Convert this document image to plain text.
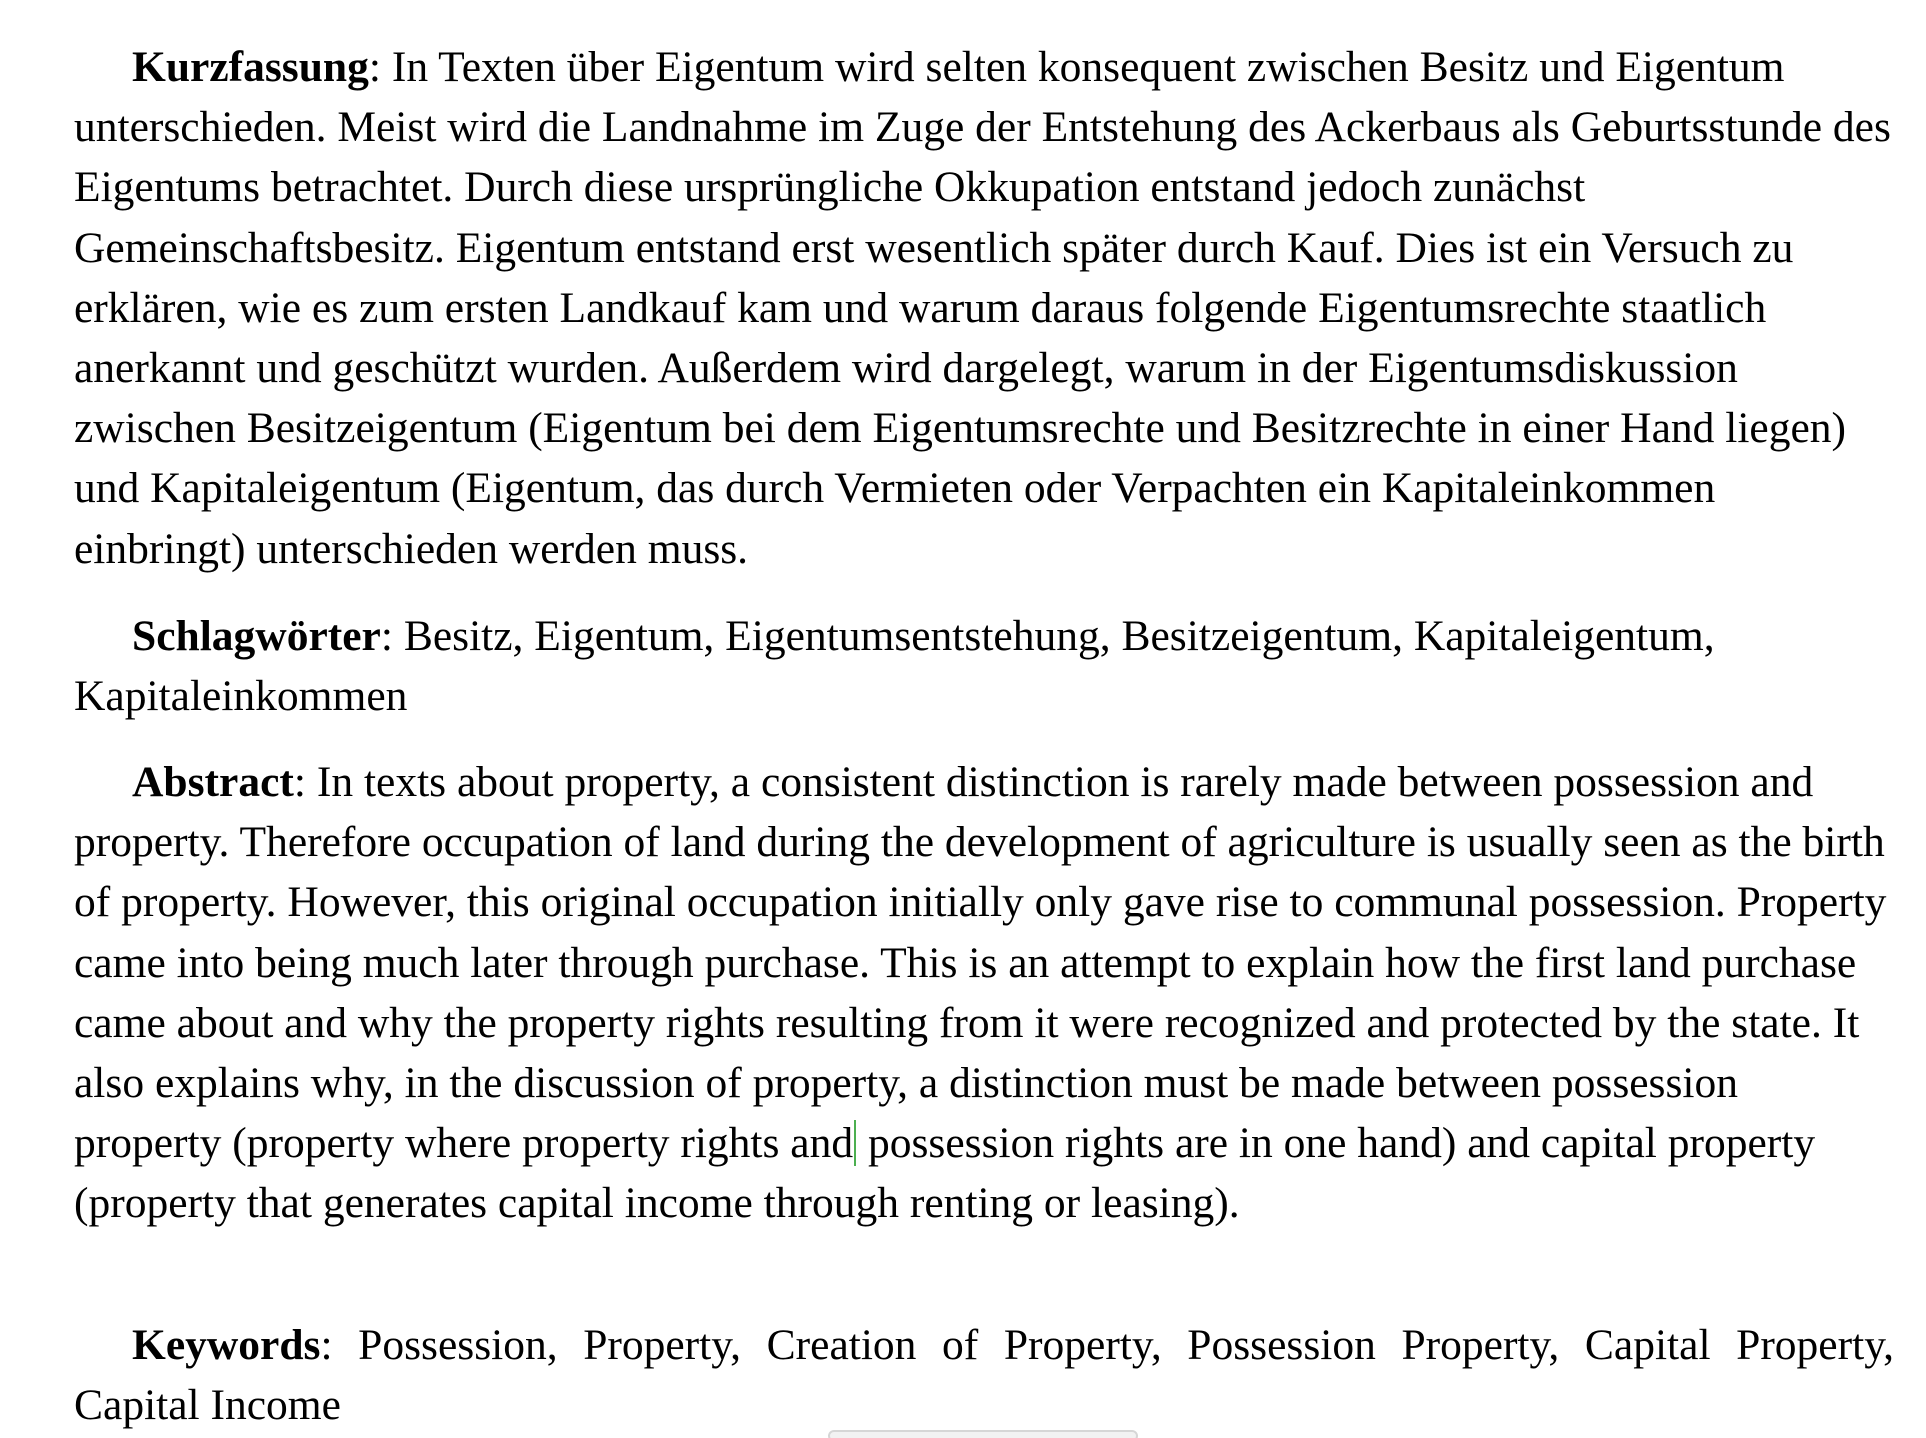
Kurzfassung: In Texten über Eigentum wird selten konsequent zwischen Besitz und Eigentum unterschieden. Meist wird die Landnahme im Zuge der Entstehung des Ackerbaus als Geburtsstunde des Eigentums betrachtet. Durch diese ursprüngliche Okkupation entstand jedoch zunächst Gemeinschaftsbesitz. Eigentum entstand erst wesentlich später durch Kauf. Dies ist ein Versuch zu erklären, wie es zum ersten Landkauf kam und warum daraus folgende Eigentumsrechte staatlich anerkannt und geschützt wurden. Außerdem wird dargelegt, warum in der Eigentumsdiskussion zwischen Besitzeigentum (Eigentum bei dem Eigentumsrechte und Besitzrechte in einer Hand liegen) und Kapitaleigentum (Eigentum, das durch Vermieten oder Verpachten ein Kapitaleinkommen einbringt) unterschieden werden muss.

Schlagwörter: Besitz, Eigentum, Eigentumsentstehung, Besitzeigentum, Kapitaleigentum, Kapitaleinkommen

Abstract: In texts about property, a consistent distinction is rarely made between possession and property. Therefore occupation of land during the development of agriculture is usually seen as the birth of property. However, this original occupation initially only gave rise to communal possession. Property came into being much later through purchase. This is an attempt to explain how the first land purchase came about and why the property rights resulting from it were recognized and protected by the state. It also explains why, in the discussion of property, a distinction must be made between possession property (property where property rights and possession rights are in one hand) and capital property (property that generates capital income through renting or leasing).

Keywords: Possession, Property, Creation of Property, Possession Property, Capital Property, Capital Income
